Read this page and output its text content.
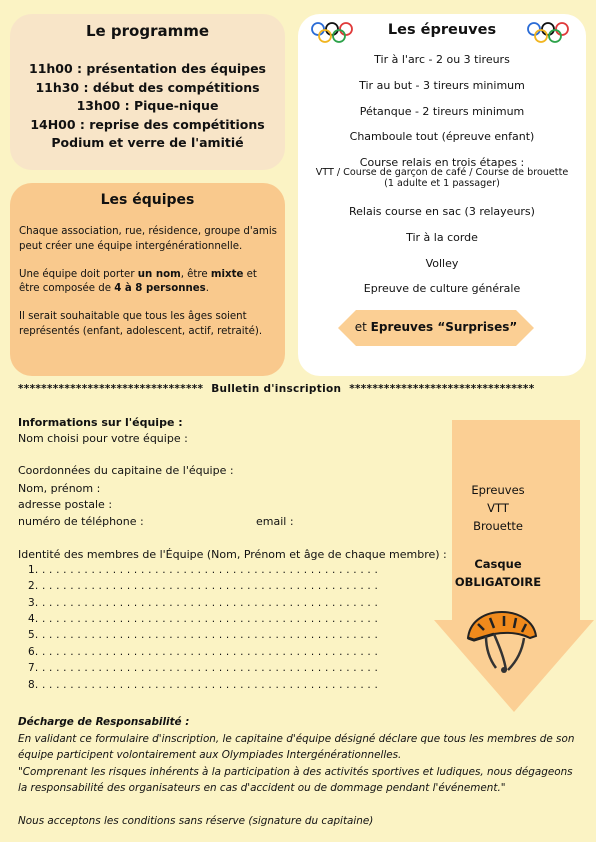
Le programme
11h00 : présentation des équipes
11h30 : début des compétitions
13h00 : Pique-nique
14H00 : reprise des compétitions
Podium et verre de l'amitié
Les équipes

Chaque association, rue, résidence, groupe d'amis peut créer une équipe intergénérationnelle.

Une équipe doit porter un nom, être mixte et être composée de 4 à 8 personnes.

Il serait souhaitable que tous les âges soient représentés (enfant, adolescent, actif, retraité).

Les épreuves
Tir à l'arc - 2 ou 3 tireurs
Tir au but - 3 tireurs minimum
Pétanque - 2 tireurs minimum
Chamboule tout (épreuve enfant)
Course relais en trois étapes :
VTT / Course de garçon de café / Course de brouette
(1 adulte et 1 passager)
Relais course en sac (3 relayeurs)
Tir à la corde
Volley
Epreuve de culture générale
et Epreuves “Surprises”
******************************** Bulletin d'inscription ********************************
Informations sur l'équipe :
Nom choisi pour votre équipe :
Coordonnées du capitaine de l'équipe :
Nom, prénom :
adresse postale :
numéro de téléphone :	email :
Identité des membres de l'Équipe (Nom, Prénom et âge de chaque membre) :
1. . . . . . . . . . . . . . . . . . . . . . . . . . . . . . . . . . . . . . . . . . . . . . . . .
2. . . . . . . . . . . . . . . . . . . . . . . . . . . . . . . . . . . . . . . . . . . . . . . . .
3. . . . . . . . . . . . . . . . . . . . . . . . . . . . . . . . . . . . . . . . . . . . . . . . .
4. . . . . . . . . . . . . . . . . . . . . . . . . . . . . . . . . . . . . . . . . . . . . . . . .
5. . . . . . . . . . . . . . . . . . . . . . . . . . . . . . . . . . . . . . . . . . . . . . . . .
6. . . . . . . . . . . . . . . . . . . . . . . . . . . . . . . . . . . . . . . . . . . . . . . . .
7. . . . . . . . . . . . . . . . . . . . . . . . . . . . . . . . . . . . . . . . . . . . . . . . .
8. . . . . . . . . . . . . . . . . . . . . . . . . . . . . . . . . . . . . . . . . . . . . . . . .
Epreuves
VTT
Brouette
Casque
OBLIGATOIRE

Décharge de Responsabilité :

En validant ce formulaire d'inscription, le capitaine d'équipe désigné déclare que tous les membres de son équipe participent volontairement aux Olympiades Intergénérationnelles.

"Comprenant les risques inhérents à la participation à des activités sportives et ludiques, nous dégageons la responsabilité des organisateurs en cas d'accident ou de dommage pendant l'événement."

Nous acceptons les conditions sans réserve (signature du capitaine)
